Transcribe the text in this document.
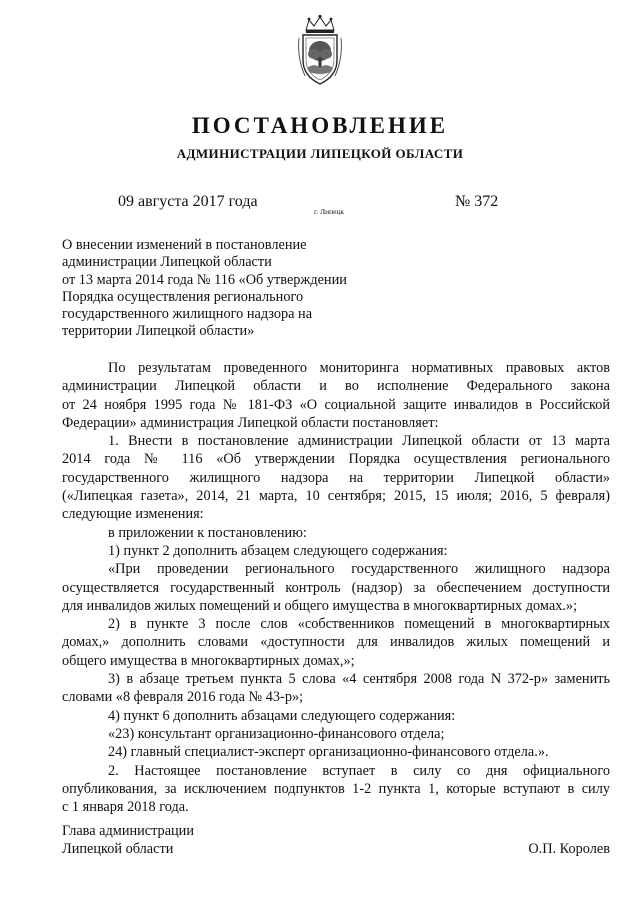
ПОСТАНОВЛЕНИЕ
АДМИНИСТРАЦИИ ЛИПЕЦКОЙ ОБЛАСТИ
09 августа 2017 года
г. Липецк
№ 372
О внесении изменений в постановление
администрации Липецкой области
от 13 марта 2014 года № 116 «Об утверждении
Порядка осуществления регионального
государственного жилищного надзора на
территории Липецкой области»
По результатам проведенного мониторинга нормативных правовых актов
администрации Липецкой области и во исполнение Федерального закона
от 24 ноября 1995 года № 181-ФЗ «О социальной защите инвалидов в Российской
Федерации» администрация Липецкой области постановляет:
1. Внести в постановление администрации Липецкой области от 13 марта
2014 года № 116 «Об утверждении Порядка осуществления регионального
государственного жилищного надзора на территории Липецкой области»
(«Липецкая газета», 2014, 21 марта, 10 сентября; 2015, 15 июля; 2016, 5 февраля)
следующие изменения:
в приложении к постановлению:
1) пункт 2 дополнить абзацем следующего содержания:
«При проведении регионального государственного жилищного надзора
осуществляется государственный контроль (надзор) за обеспечением доступности
для инвалидов жилых помещений и общего имущества в многоквартирных домах.»;
2) в пункте 3 после слов «собственников помещений в многоквартирных
домах,» дополнить словами «доступности для инвалидов жилых помещений и
общего имущества в многоквартирных домах,»;
3) в абзаце третьем пункта 5 слова «4 сентября 2008 года N 372-р» заменить
словами «8 февраля 2016 года № 43-р»;
4) пункт 6 дополнить абзацами следующего содержания:
«23) консультант организационно-финансового отдела;
24) главный специалист-эксперт организационно-финансового отдела.».
2. Настоящее постановление вступает в силу со дня официального
опубликования, за исключением подпунктов 1-2 пункта 1, которые вступают в силу
с 1 января 2018 года.
Глава администрации
Липецкой области	О.П. Королев
